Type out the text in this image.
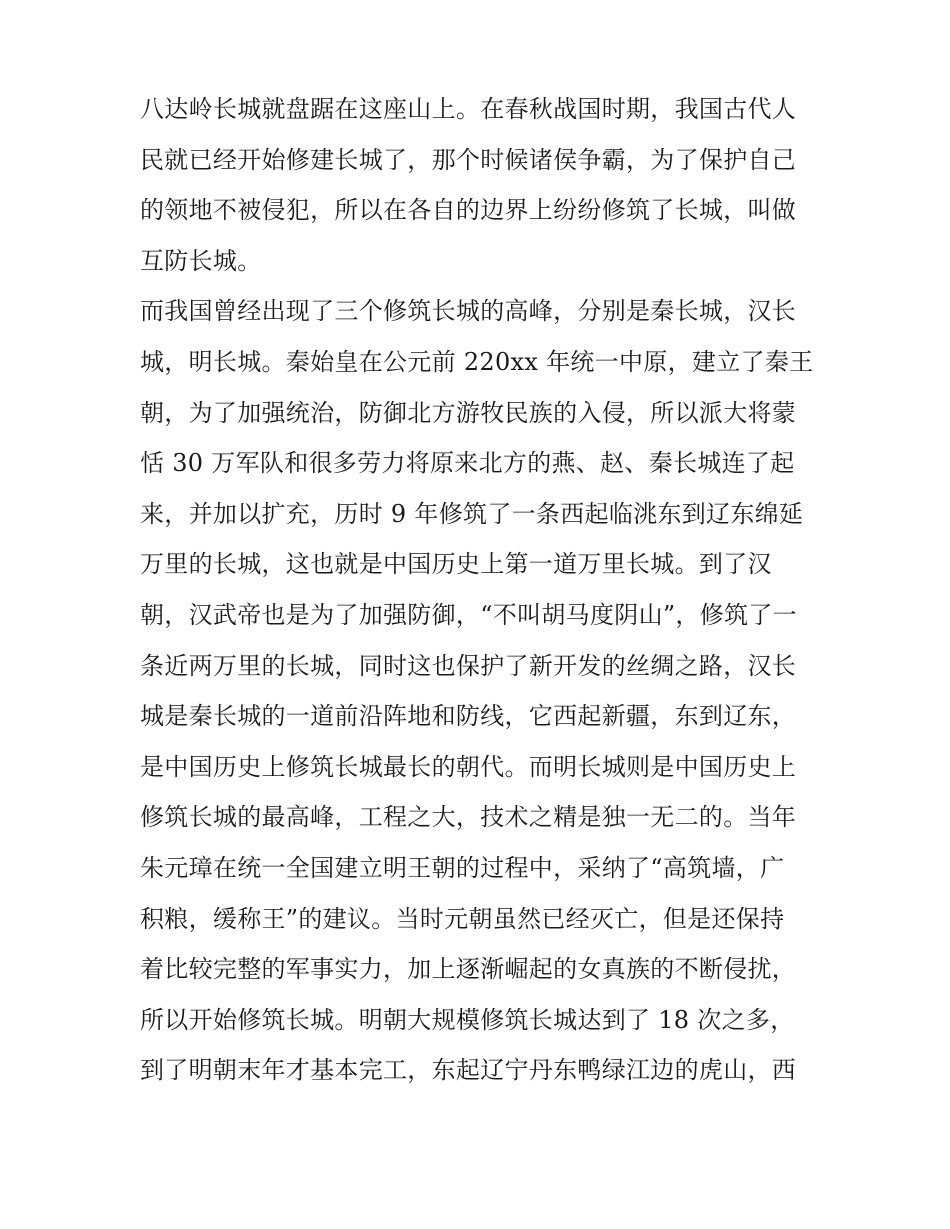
八达岭长城就盘踞在这座山上。在春秋战国时期，我国古代人
民就已经开始修建长城了，那个时候诸侯争霸，为了保护自己
的领地不被侵犯，所以在各自的边界上纷纷修筑了长城，叫做
互防长城。
而我国曾经出现了三个修筑长城的高峰，分别是秦长城，汉长
城，明长城。秦始皇在公元前 220xx 年统一中原，建立了秦王
朝，为了加强统治，防御北方游牧民族的入侵，所以派大将蒙
恬 30 万军队和很多劳力将原来北方的燕、赵、秦长城连了起
来，并加以扩充，历时 9 年修筑了一条西起临洮东到辽东绵延
万里的长城，这也就是中国历史上第一道万里长城。到了汉
朝，汉武帝也是为了加强防御，“不叫胡马度阴山”，修筑了一
条近两万里的长城，同时这也保护了新开发的丝绸之路，汉长
城是秦长城的一道前沿阵地和防线，它西起新疆，东到辽东，
是中国历史上修筑长城最长的朝代。而明长城则是中国历史上
修筑长城的最高峰，工程之大，技术之精是独一无二的。当年
朱元璋在统一全国建立明王朝的过程中，采纳了“高筑墙，广
积粮，缓称王”的建议。当时元朝虽然已经灭亡，但是还保持
着比较完整的军事实力，加上逐渐崛起的女真族的不断侵扰，
所以开始修筑长城。明朝大规模修筑长城达到了 18 次之多，
到了明朝末年才基本完工，东起辽宁丹东鸭绿江边的虎山，西
